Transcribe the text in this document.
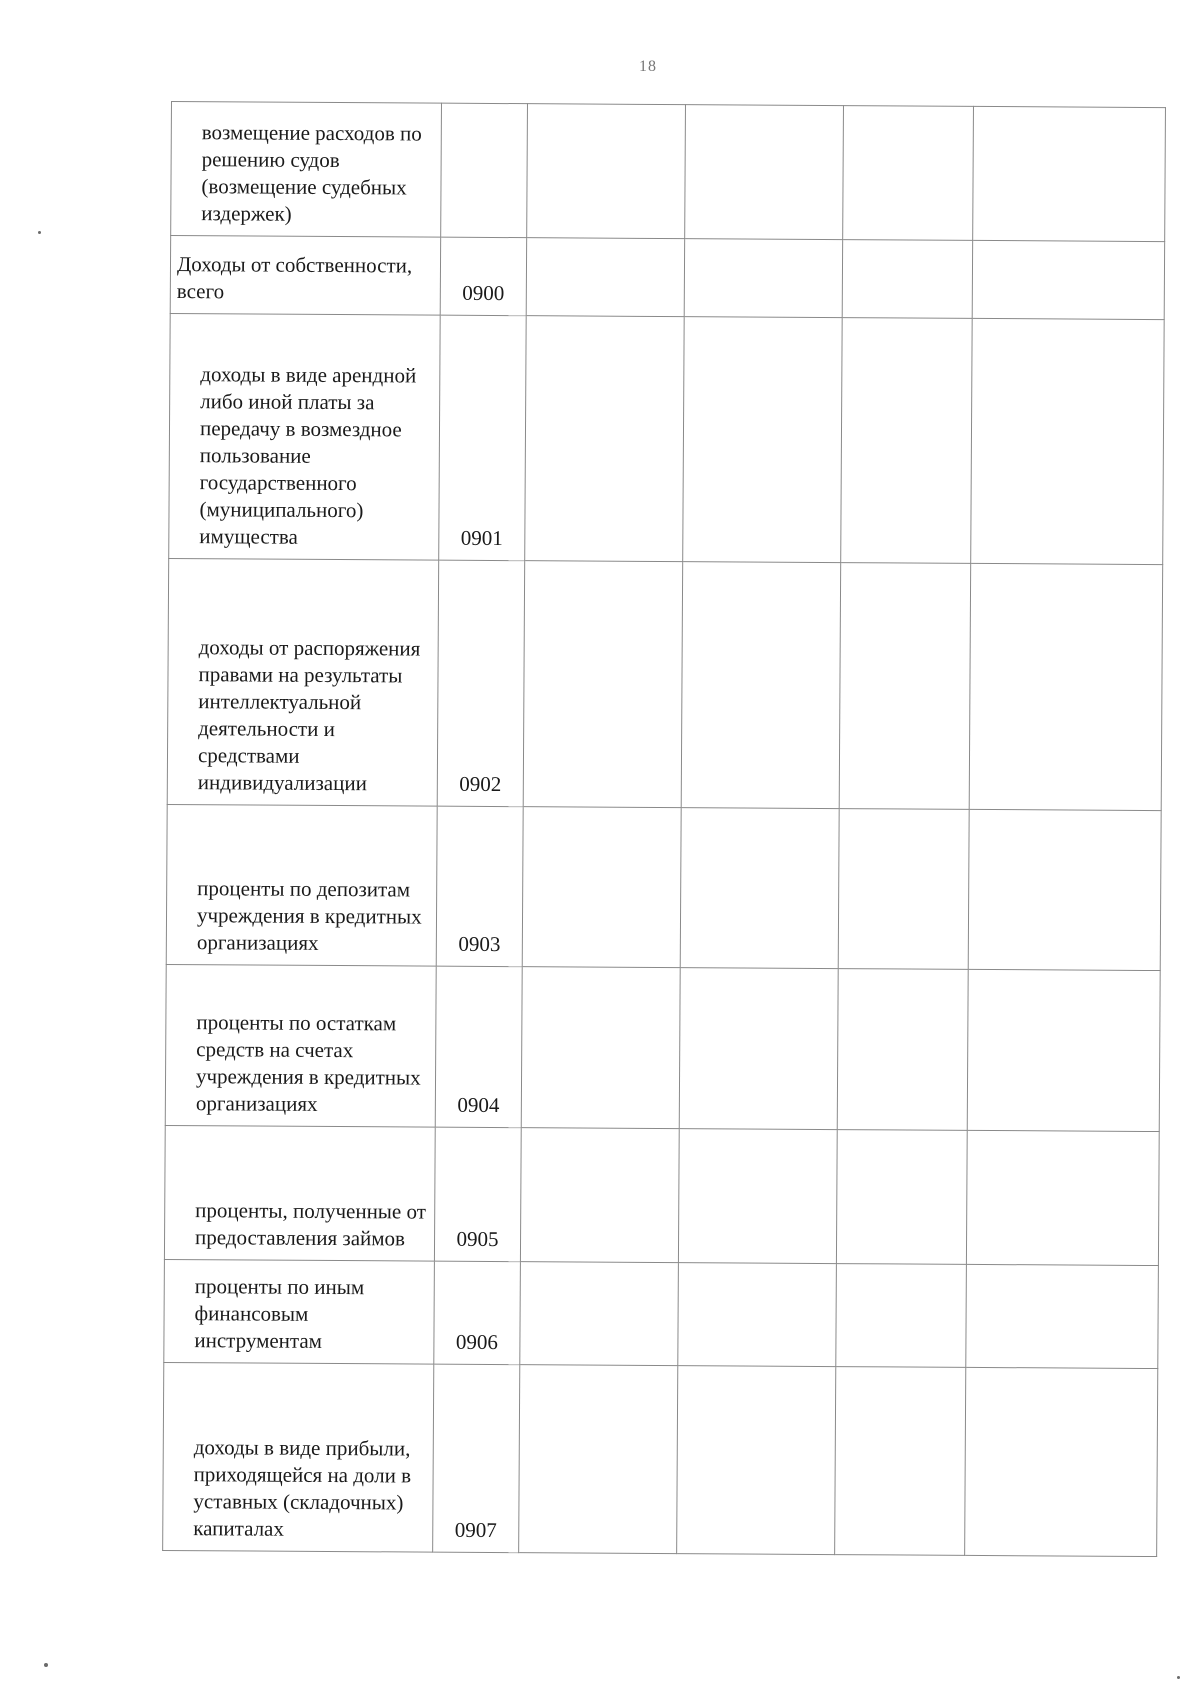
18
возмещение расходов по решению судов (возмещение судебных издержек)					
Доходы от собственности, всего	0900				
доходы в виде арендной либо иной платы за передачу в возмездное пользование государственного (муниципального) имущества	0901				
доходы от распоряжения правами на результаты интеллектуальной деятельности и средствами индивидуализации	0902				
проценты по депозитам учреждения в кредитных организациях	0903				
проценты по остаткам средств на счетах учреждения в кредитных организациях	0904				
проценты, полученные от предоставления займов	0905				
проценты по иным финансовым инструментам	0906				
доходы в виде прибыли, приходящейся на доли в уставных (складочных) капиталах	0907				
